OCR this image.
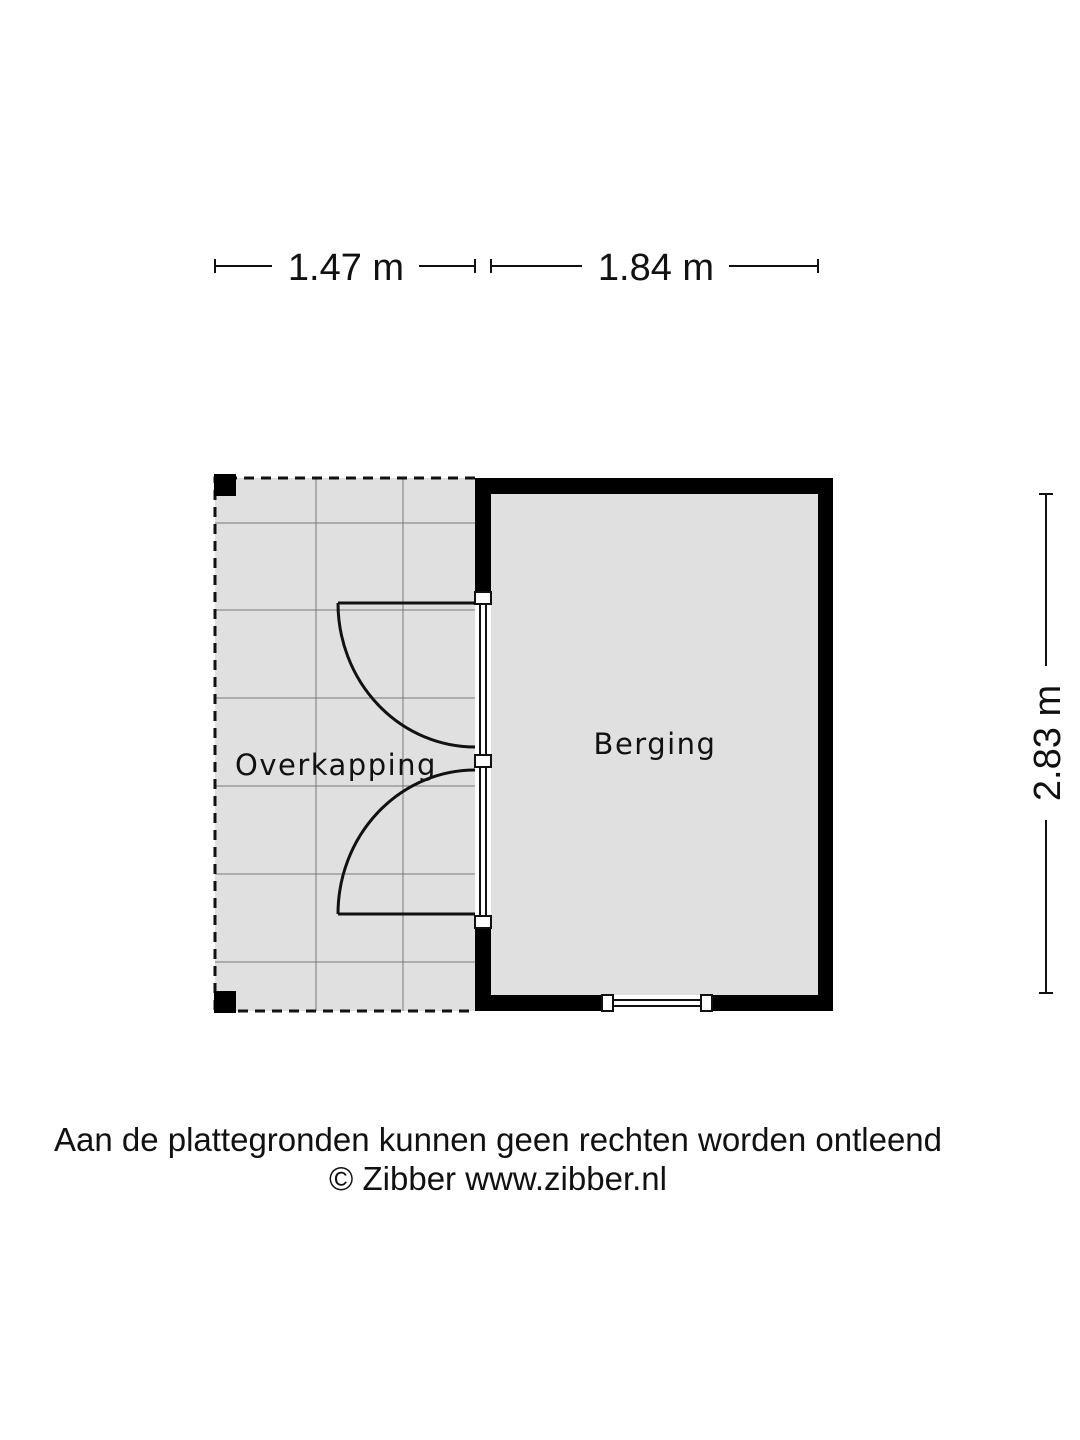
1.47 m	1.84 m
2.83 m
Overkapping
Berging
Aan de plattegronden kunnen geen rechten worden ontleend
© Zibber www.zibber.nl
